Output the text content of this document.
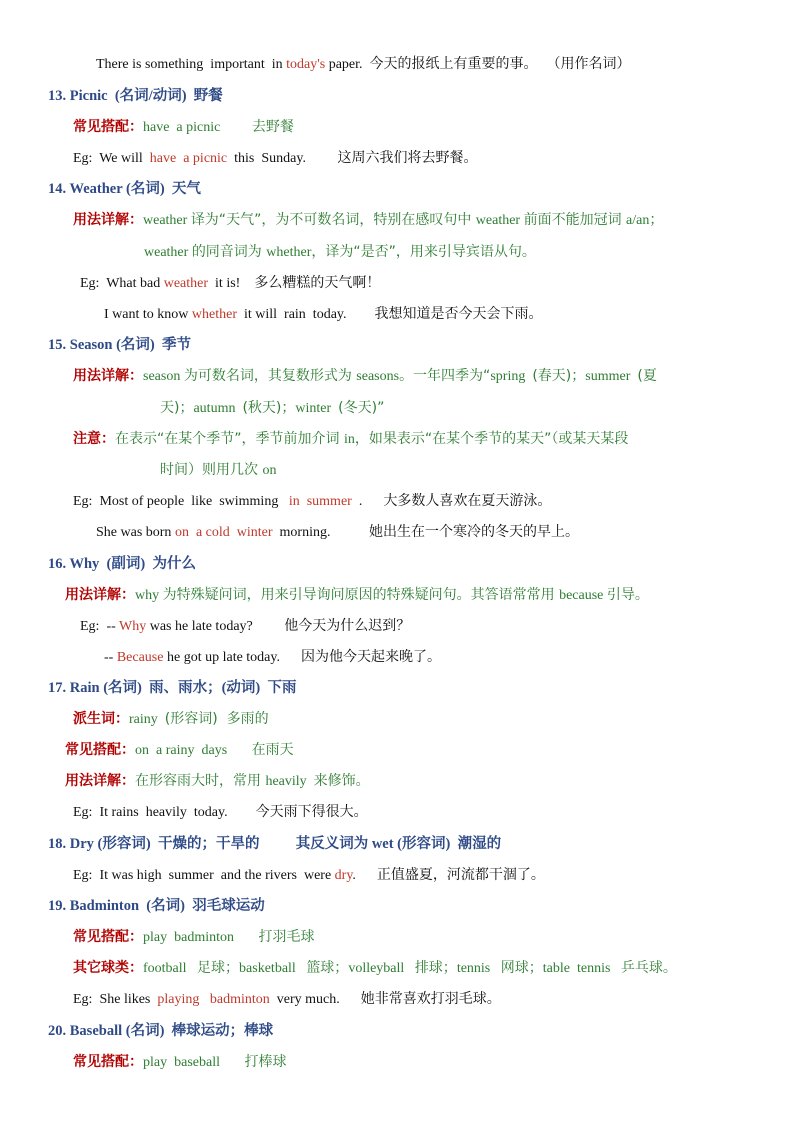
There is something  important  in today's paper.  今天的报纸上有重要的事。  （用作名词）
13. Picnic  (名词/动词)  野餐
常见搭配：have  a picnic         去野餐
Eg:  We will  have  a picnic  this  Sunday.         这周六我们将去野餐。
14. Weather (名词)  天气
用法详解：weather 译为“天气”，为不可数名词，特别在感叹句中 weather 前面不能加冠词 a/an；
weather 的同音词为 whether，译为“是否”，用来引导宾语从句。
Eg:  What bad weather  it is!    多么糟糕的天气啊！
I want to know whether  it will  rain  today.        我想知道是否今天会下雨。
15. Season (名词)  季节
用法详解：season 为可数名词，其复数形式为 seasons。一年四季为“spring  (春天)；summer  (夏
天)；autumn  (秋天)；winter  (冬天)”
注意：在表示“在某个季节”，季节前加介词 in，如果表示“在某个季节的某天”（或某天某段
时间）则用几次 on
Eg:  Most of people  like  swimming   in  summer  .      大多数人喜欢在夏天游泳。
She was born on  a cold  winter  morning.           她出生在一个寒冷的冬天的早上。
16. Why  (副词)  为什么
用法详解：why 为特殊疑问词，用来引导询问原因的特殊疑问句。其答语常常用 because 引导。
Eg:  -- Why was he late today?         他今天为什么迟到？
-- Because he got up late today.      因为他今天起来晚了。
17. Rain (名词)  雨、雨水；(动词)  下雨
派生词：rainy  (形容词)  多雨的
常见搭配：on  a rainy  days       在雨天
用法详解：在形容雨大时，常用 heavily  来修饰。
Eg:  It rains  heavily  today.        今天雨下得很大。
18. Dry (形容词)  干燥的；干旱的          其反义词为 wet (形容词)  潮湿的
Eg:  It was high  summer  and the rivers  were dry.      正值盛夏，河流都干涸了。
19. Badminton  (名词)  羽毛球运动
常见搭配：play  badminton       打羽毛球
其它球类：football   足球；basketball   篮球；volleyball   排球；tennis   网球；table  tennis   乒乓球。
Eg:  She likes  playing   badminton  very much.      她非常喜欢打羽毛球。
20. Baseball (名词)  棒球运动；棒球
常见搭配：play  baseball       打棒球
